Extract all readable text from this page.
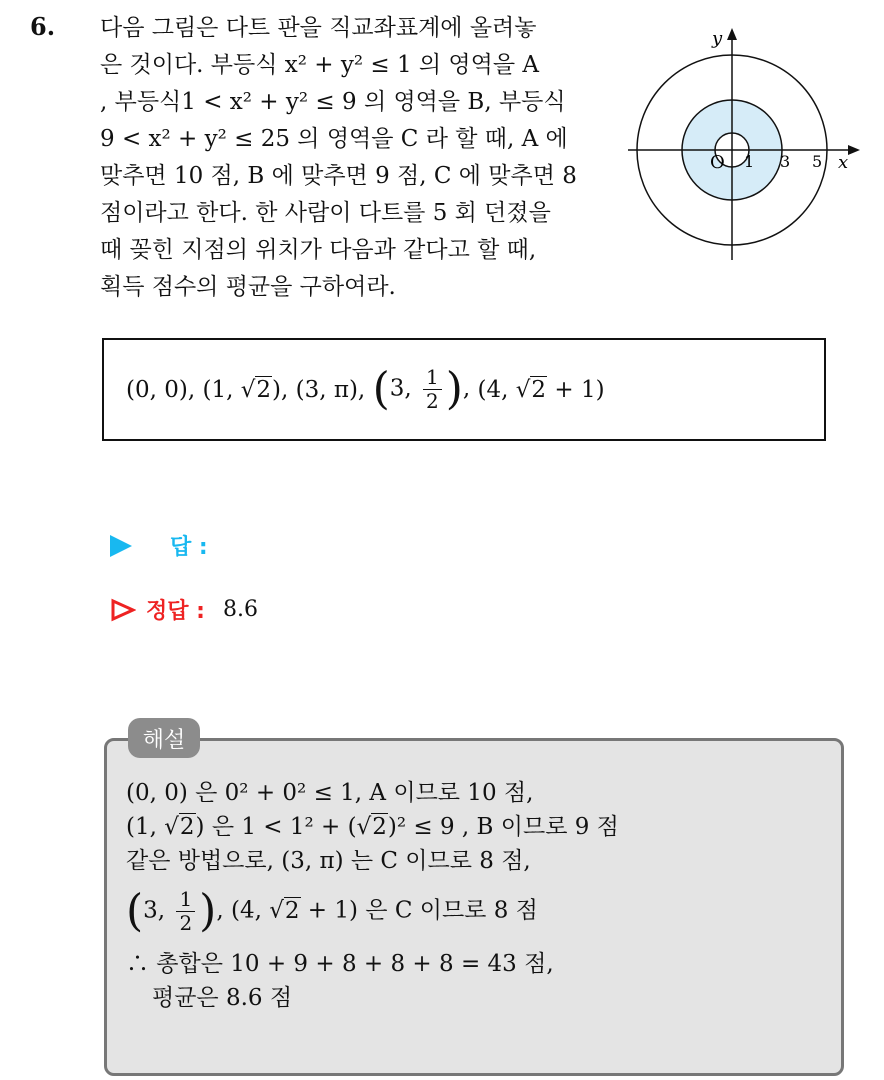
6. 다음 그림은 다트 판을 직교좌표계에 올려놓
은 것이다. 부등식 x² + y² ≤ 1 의 영역을 A
, 부등식1 < x² + y² ≤ 9 의 영역을 B, 부등식
9 < x² + y² ≤ 25 의 영역을 C 라 할 때, A 에
맞추면 10 점, B 에 맞추면 9 점, C 에 맞추면 8
점이라고 한다. 한 사람이 다트를 5 회 던졌을
때 꽂힌 지점의 위치가 다음과 같다고 할 때,
획득 점수의 평균을 구하여라.

y
x
O 1 3 5
(0, 0),
(1, √2),
(3, π),
(3, $\frac{1}{2}$ ),
(4, √2 + 1)
답 :
정답 : 8.6
해설
(0, 0) 은 0² + 0² ≤ 1, A 이므로 10 점,
(1, √2) 은 1 < 1² + (√2)² ≤ 9 , B 이므로 9 점
같은 방법으로, (3, π) 는 C 이므로 8 점,
(3, $\frac{1}{2}$ ), (4, √2 + 1) 은 C 이므로 8 점
∴ 총합은 10 + 9 + 8 + 8 + 8 = 43 점,
평균은 8.6 점
